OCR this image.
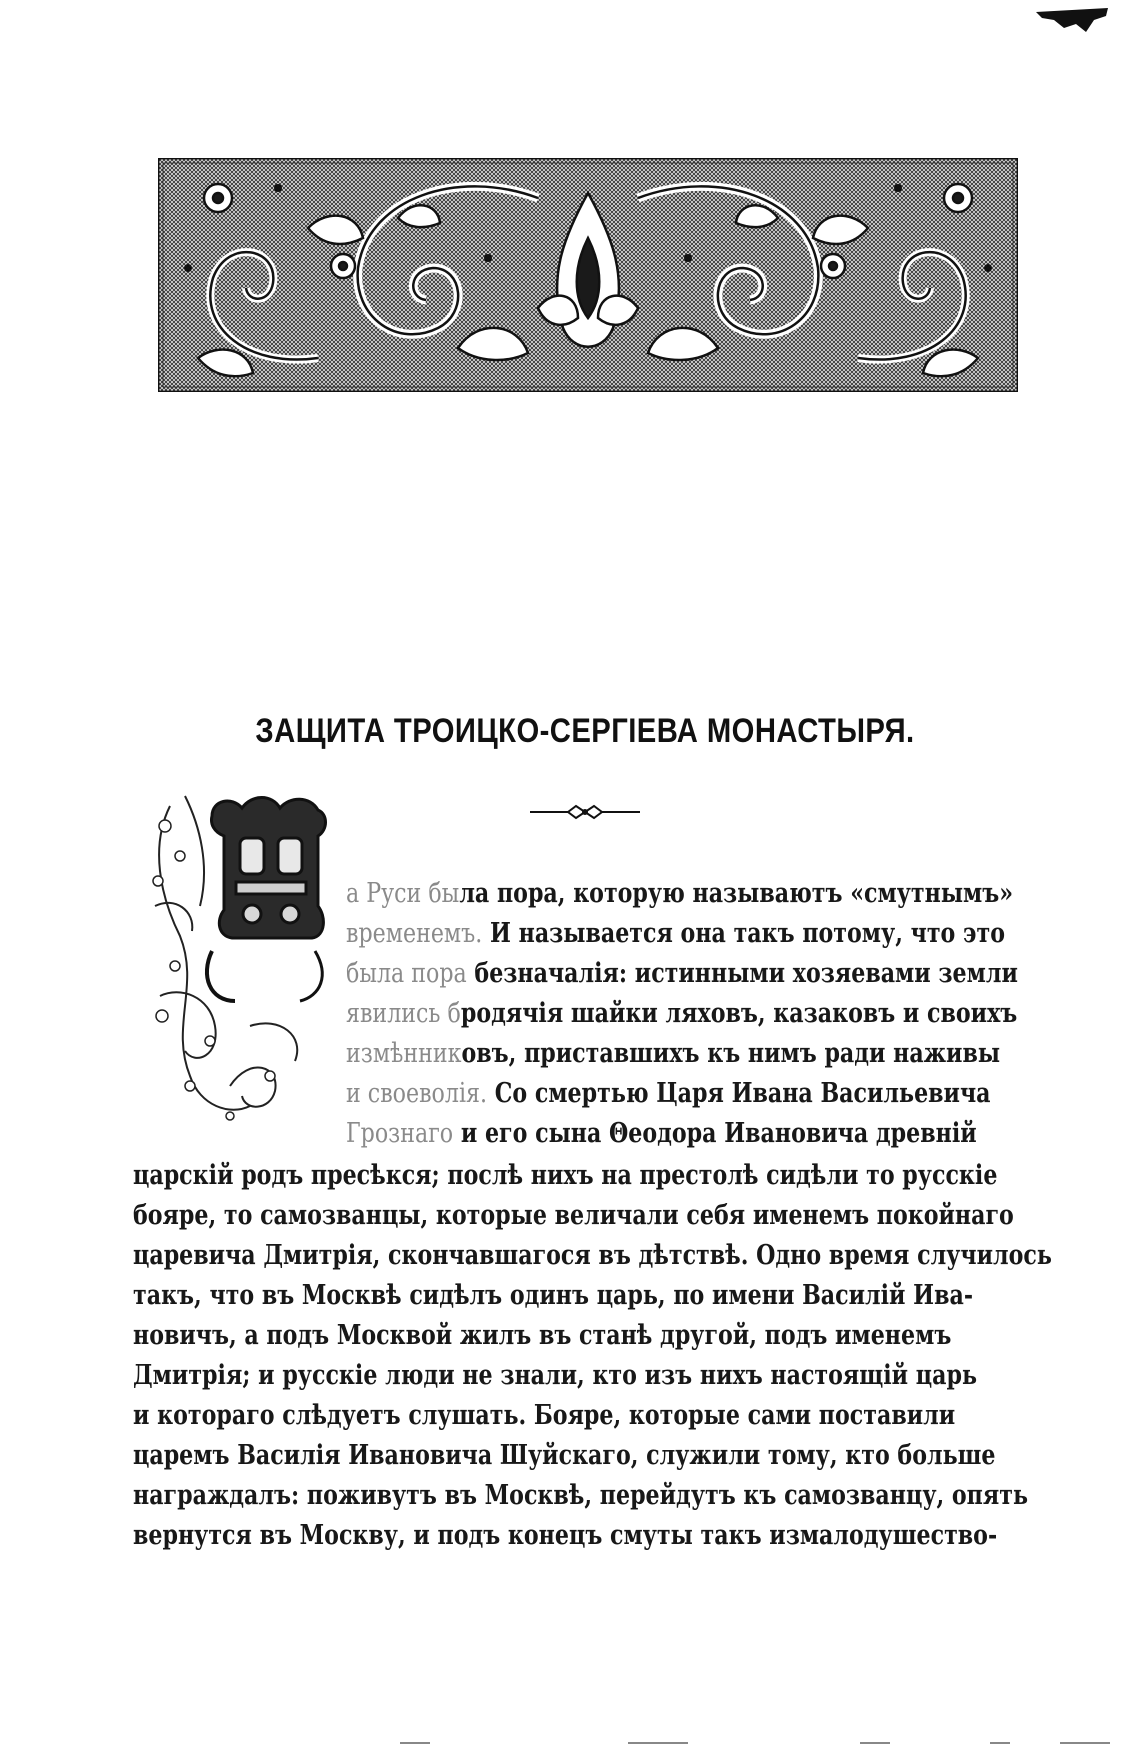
ЗАЩИТА ТРОИЦКО-СЕРГІЕВА МОНАСТЫРЯ.
а Руси была пора, которую называютъ «смутнымъ»
временемъ. И называется она такъ потому, что это
была пора безначалія: истинными хозяевами земли
явились бродячія шайки ляховъ, казаковъ и своихъ
измѣнниковъ, приставшихъ къ нимъ ради наживы
и своеволія. Со смертью Царя Ивана Васильевича
Грознаго и его сына Θеодора Ивановича древній
царскій родъ пресѣкся; послѣ нихъ на престолѣ сидѣли то русскіе
бояре, то самозванцы, которые величали себя именемъ покойнаго
царевича Дмитрія, скончавшагося въ дѣтствѣ. Одно время случилось
такъ, что въ Москвѣ сидѣлъ одинъ царь, по имени Василій Ива-
новичъ, а подъ Москвой жилъ въ станѣ другой, подъ именемъ
Дмитрія; и русскіе люди не знали, кто изъ нихъ настоящій царь
и котораго слѣдуетъ слушать. Бояре, которые сами поставили
царемъ Василія Ивановича Шуйскаго, служили тому, кто больше
награждалъ: поживутъ въ Москвѣ, перейдутъ къ самозванцу, опять
вернутся въ Москву, и подъ конецъ смуты такъ измалодушество-
